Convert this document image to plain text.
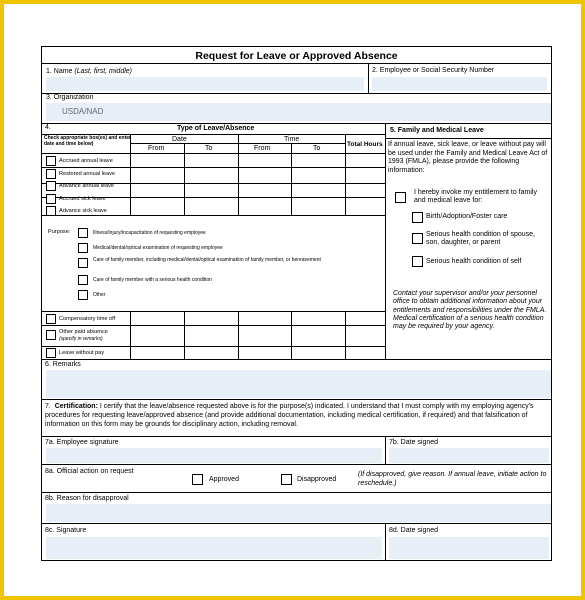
Request for Leave or Approved Absence
1. Name (Last, first, middle)	2. Employee or Social Security Number
3. Organization
USDA/NAD
4.	Type of Leave/Absence
Check appropriate box(es) and enter date and time below)
Date	Time
Total Hours
From	To	From	To
Accrued annual leave
Restored annual leave
Advance annual leave
Accrued sick leave
Advance sick leave
Purpose:	Illness/injury/incapacitation of requesting employee
Medical/dental/optical examination of requesting employee
Care of family member, including medical/dental/optical examination of family member, or bereavement
Care of family member with a serious health condition
Other
Compensatory time off
Other paid absence
(specify in remarks)
Leave without pay
5. Family and Medical Leave
If annual leave, sick leave, or leave without pay will be used under the Family and Medical Leave Act of 1993 (FMLA), please provide the following information:
I hereby invoke my entitlement to family and medical leave for:
Birth/Adoption/Foster care
Serious health condition of spouse, son, daughter, or parent
Serious health condition of self
Contact your supervisor and/or your personnel office to obtain additional information about your entitlements and responsibilities under the FMLA. Medical certification of a serious health condition may be required by your agency.
6. Remarks
7. Certification: I certify that the leave/absence requested above is for the purpose(s) indicated. I understand that I must comply with my employing agency's procedures for requesting leave/approved absence (and provide additional documentation, including medical certification, if required) and that falsification of information on this form may be grounds for disciplinary action, including removal.
7a. Employee signature	7b. Date signed
8a. Official action on request
Approved	Disapproved
(If disapproved, give reason. If annual leave, initiate action to reschedule.)
8b. Reason for disapproval
8c. Signature	8d. Date signed
